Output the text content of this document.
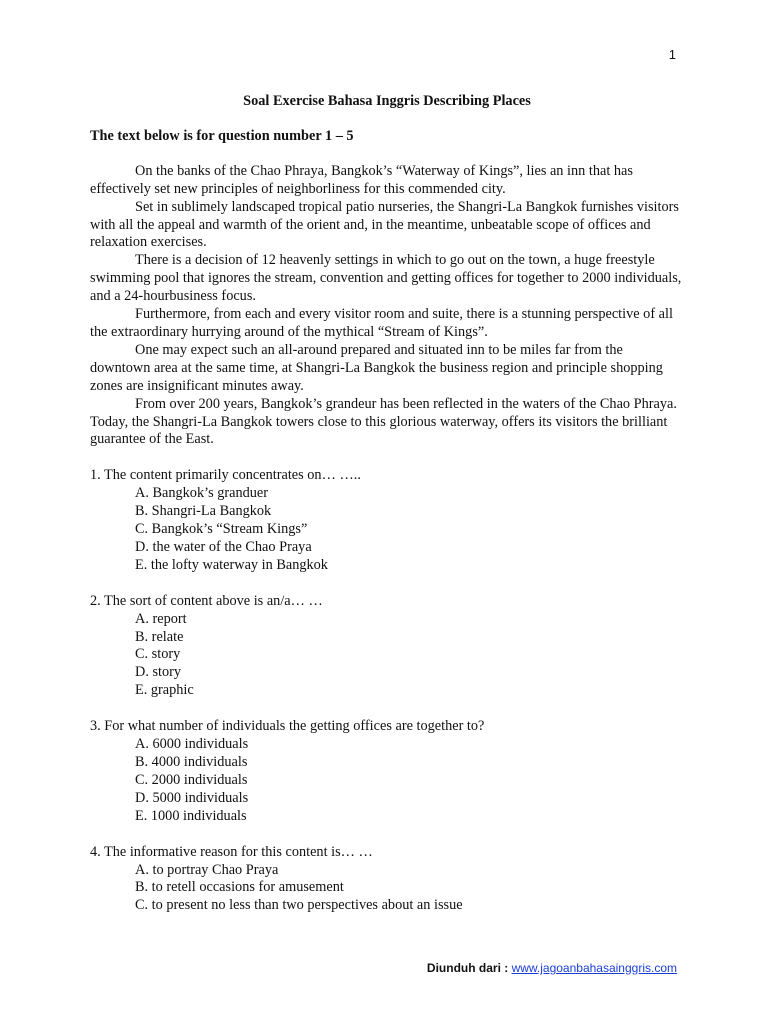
1
Soal Exercise Bahasa Inggris Describing Places
The text below is for question number 1 – 5

On the banks of the Chao Phraya, Bangkok’s “Waterway of Kings”, lies an inn that has effectively set new principles of neighborliness for this commended city.

Set in sublimely landscaped tropical patio nurseries, the Shangri-La Bangkok furnishes visitors with all the appeal and warmth of the orient and, in the meantime, unbeatable scope of offices and relaxation exercises.

There is a decision of 12 heavenly settings in which to go out on the town, a huge freestyle swimming pool that ignores the stream, convention and getting offices for together to 2000 individuals, and a 24-hourbusiness focus.

Furthermore, from each and every visitor room and suite, there is a stunning perspective of all the extraordinary hurrying around of the mythical “Stream of Kings”.

One may expect such an all-around prepared and situated inn to be miles far from the downtown area at the same time, at Shangri-La Bangkok the business region and principle shopping zones are insignificant minutes away.

From over 200 years, Bangkok’s grandeur has been reflected in the waters of the Chao Phraya. Today, the Shangri-La Bangkok towers close to this glorious waterway, offers its visitors the brilliant guarantee of the East.

1. The content primarily concentrates on… …..

A. Bangkok’s granduer
B. Shangri-La Bangkok
C. Bangkok’s “Stream Kings”
D. the water of the Chao Praya
E. the lofty waterway in Bangkok

2. The sort of content above is an/a… …

A. report
B. relate
C. story
D. story
E. graphic

3. For what number of individuals the getting offices are together to?

A. 6000 individuals
B. 4000 individuals
C. 2000 individuals
D. 5000 individuals
E. 1000 individuals

4. The informative reason for this content is… …

A. to portray Chao Praya
B. to retell occasions for amusement
C. to present no less than two perspectives about an issue
Diunduh dari : www.jagoanbahasainggris.com
